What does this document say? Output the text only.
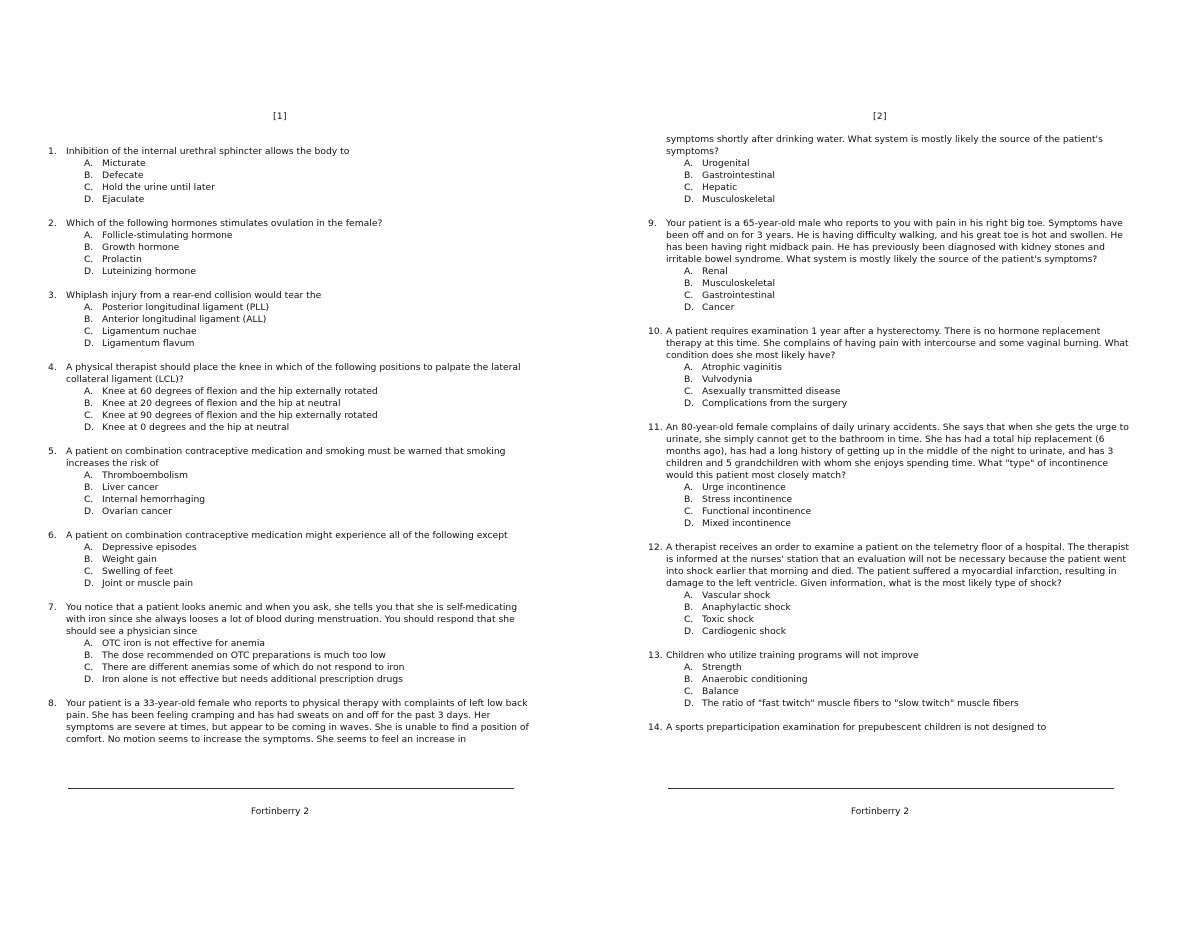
[1]
1.	Inhibition of the internal urethral sphincter allows the body to
A. Micturate
B. Defecate
C. Hold the urine until later
D. Ejaculate
2.	Which of the following hormones stimulates ovulation in the female?
A. Follicle-stimulating hormone
B. Growth hormone
C. Prolactin
D. Luteinizing hormone
3.	Whiplash injury from a rear-end collision would tear the
A. Posterior longitudinal ligament (PLL)
B. Anterior longitudinal ligament (ALL)
C. Ligamentum nuchae
D. Ligamentum flavum
4.	A physical therapist should place the knee in which of the following positions to palpate the lateral collateral ligament (LCL)?
A. Knee at 60 degrees of flexion and the hip externally rotated
B. Knee at 20 degrees of flexion and the hip at neutral
C. Knee at 90 degrees of flexion and the hip externally rotated
D. Knee at 0 degrees and the hip at neutral
5.	A patient on combination contraceptive medication and smoking must be warned that smoking increases the risk of
A. Thromboembolism
B. Liver cancer
C. Internal hemorrhaging
D. Ovarian cancer
6.	A patient on combination contraceptive medication might experience all of the following except
A. Depressive episodes
B. Weight gain
C. Swelling of feet
D. Joint or muscle pain
7.	You notice that a patient looks anemic and when you ask, she tells you that she is self-medicating with iron since she always looses a lot of blood during menstruation. You should respond that she should see a physician since
A. OTC iron is not effective for anemia
B. The dose recommended on OTC preparations is much too low
C. There are different anemias some of which do not respond to iron
D. Iron alone is not effective but needs additional prescription drugs
8.	Your patient is a 33-year-old female who reports to physical therapy with complaints of left low back pain. She has been feeling cramping and has had sweats on and off for the past 3 days. Her symptoms are severe at times, but appear to be coming in waves. She is unable to find a position of comfort. No motion seems to increase the symptoms. She seems to feel an increase in
Fortinberry 2
[2]
symptoms shortly after drinking water. What system is mostly likely the source of the patient's symptoms?
A. Urogenital
B. Gastrointestinal
C. Hepatic
D. Musculoskeletal
9.	Your patient is a 65-year-old male who reports to you with pain in his right big toe. Symptoms have been off and on for 3 years. He is having difficulty walking, and his great toe is hot and swollen. He has been having right midback pain. He has previously been diagnosed with kidney stones and irritable bowel syndrome. What system is mostly likely the source of the patient's symptoms?
A. Renal
B. Musculoskeletal
C. Gastrointestinal
D. Cancer
10. A patient requires examination 1 year after a hysterectomy. There is no hormone replacement therapy at this time. She complains of having pain with intercourse and some vaginal burning. What condition does she most likely have?
A. Atrophic vaginitis
B. Vulvodynia
C. Asexually transmitted disease
D. Complications from the surgery
11. An 80-year-old female complains of daily urinary accidents. She says that when she gets the urge to urinate, she simply cannot get to the bathroom in time. She has had a total hip replacement (6 months ago), has had a long history of getting up in the middle of the night to urinate, and has 3 children and 5 grandchildren with whom she enjoys spending time. What "type" of incontinence would this patient most closely match?
A. Urge incontinence
B. Stress incontinence
C. Functional incontinence
D. Mixed incontinence
12. A therapist receives an order to examine a patient on the telemetry floor of a hospital. The therapist is informed at the nurses' station that an evaluation will not be necessary because the patient went into shock earlier that morning and died. The patient suffered a myocardial infarction, resulting in damage to the left ventricle. Given information, what is the most likely type of shock?
A. Vascular shock
B. Anaphylactic shock
C. Toxic shock
D. Cardiogenic shock
13. Children who utilize training programs will not improve
A. Strength
B. Anaerobic conditioning
C. Balance
D. The ratio of "fast twitch" muscle fibers to "slow twitch" muscle fibers
14. A sports preparticipation examination for prepubescent children is not designed to
Fortinberry 2
